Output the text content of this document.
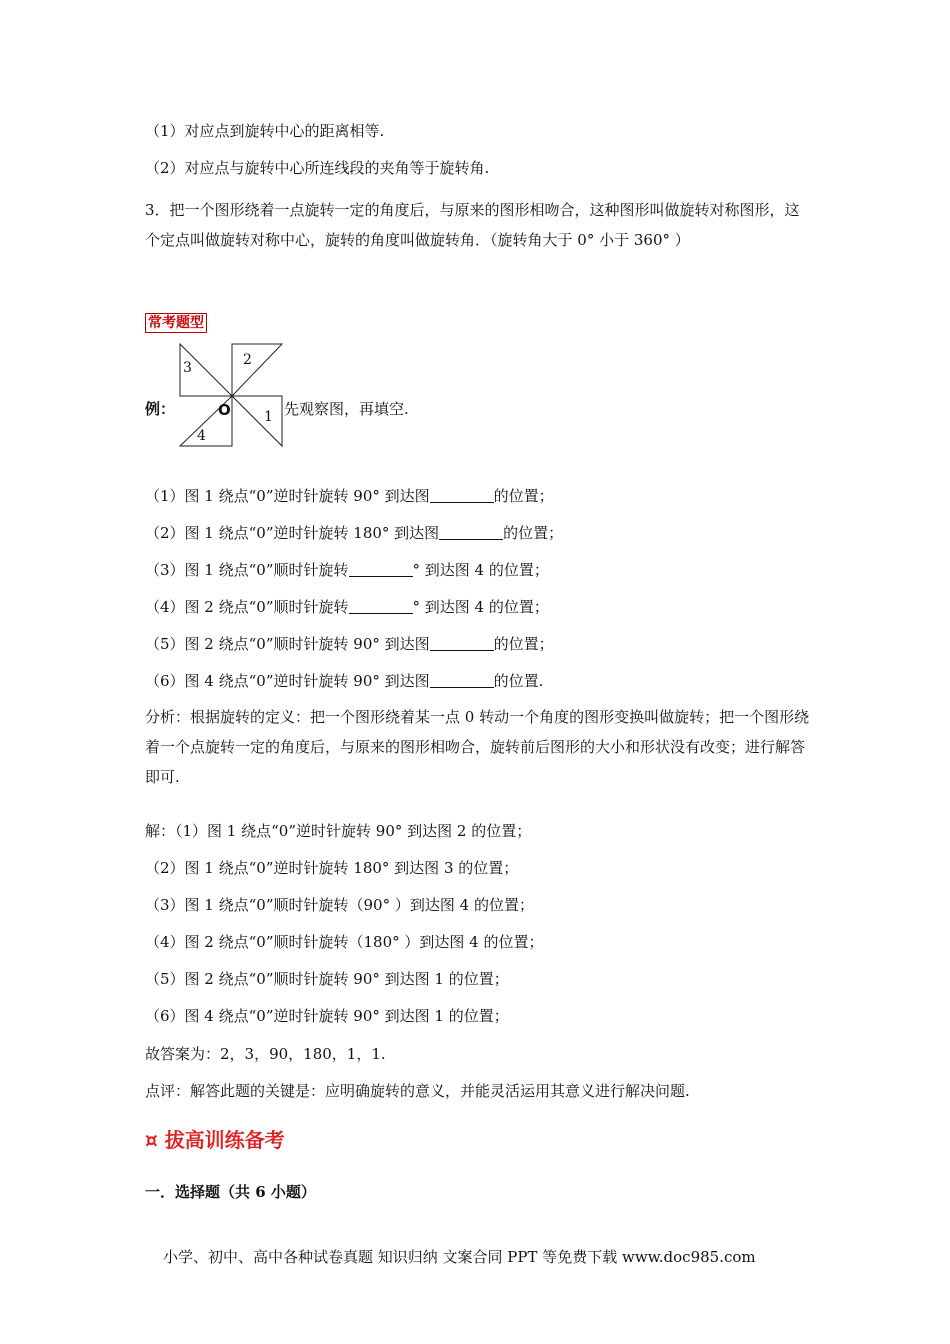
（1）对应点到旋转中心的距离相等.
（2）对应点与旋转中心所连线段的夹角等于旋转角.
3．把一个图形绕着一点旋转一定的角度后，与原来的图形相吻合，这种图形叫做旋转对称图形，这个定点叫做旋转对称中心，旋转的角度叫做旋转角．（旋转角大于 0° 小于 360° ）
常考题型
例：
3	2
1
4
O	先观察图，再填空.
（1）图 1 绕点“0”逆时针旋转 90° 到达图	的位置；
（2）图 1 绕点“0”逆时针旋转 180° 到达图	的位置；
（3）图 1 绕点“0”顺时针旋转	° 到达图 4 的位置；
（4）图 2 绕点“0”顺时针旋转	° 到达图 4 的位置；
（5）图 2 绕点“0”顺时针旋转 90° 到达图	的位置；
（6）图 4 绕点“0”逆时针旋转 90° 到达图	的位置.
分析：根据旋转的定义：把一个图形绕着某一点 0 转动一个角度的图形变换叫做旋转；把一个图形绕着一个点旋转一定的角度后，与原来的图形相吻合，旋转前后图形的大小和形状没有改变；进行解答即可.
解：（1）图 1 绕点“0”逆时针旋转 90° 到达图 2 的位置；
（2）图 1 绕点“0”逆时针旋转 180° 到达图 3 的位置；
（3）图 1 绕点“0”顺时针旋转（90° ）到达图 4 的位置；
（4）图 2 绕点“0”顺时针旋转（180° ）到达图 4 的位置；
（5）图 2 绕点“0”顺时针旋转 90° 到达图 1 的位置；
（6）图 4 绕点“0”逆时针旋转 90° 到达图 1 的位置；
故答案为：2，3，90，180，1，1.
点评：解答此题的关键是：应明确旋转的意义，并能灵活运用其意义进行解决问题.
¤ 拔高训练备考
一．选择题（共 6 小题）
小学、初中、高中各种试卷真题 知识归纳 文案合同 PPT 等免费下载 www.doc985.com
